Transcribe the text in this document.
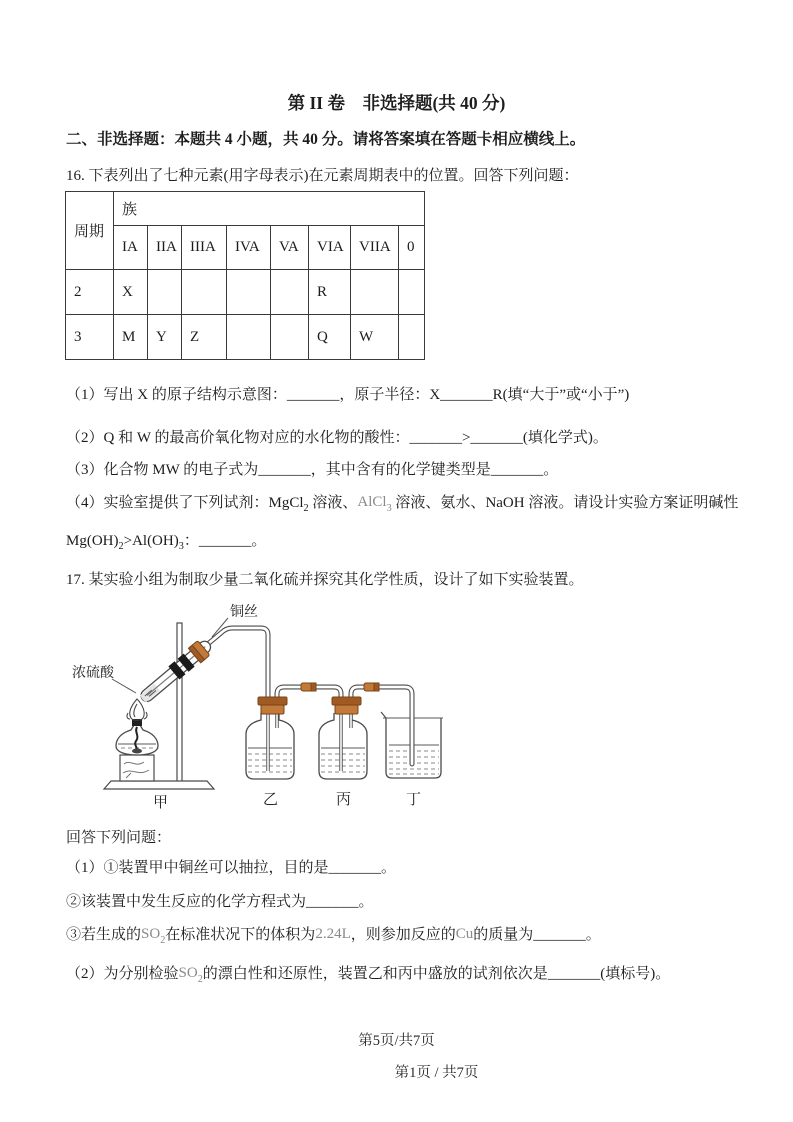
第 II 卷　非选择题(共 40 分)
二、非选择题：本题共 4 小题，共 40 分。请将答案填在答题卡相应横线上。
16. 下表列出了七种元素(用字母表示)在元素周期表中的位置。回答下列问题：
周期	族							
	IA	IIA	IIIA	IVA	VA	VIA	VIIA	0
2	X					R		
3	M	Y	Z			Q	W	
（1）写出 X 的原子结构示意图：_______，原子半径：X_______R(填“大于”或“小于”)
（2）Q 和 W 的最高价氧化物对应的水化物的酸性：_______>_______(填化学式)。
（3）化合物 MW 的电子式为_______，其中含有的化学键类型是_______。
（4）实验室提供了下列试剂：MgCl$_2$ 溶液、AlCl$_3$ 溶液、氨水、NaOH 溶液。请设计实验方案证明碱性
$Mg(OH)_2>Al(OH)_3$：_______。
17. 某实验小组为制取少量二氧化硫并探究其化学性质，设计了如下实验装置。
铜丝
浓硫酸
甲	乙	丙	丁
回答下列问题：
（1）①装置甲中铜丝可以抽拉，目的是_______。
②该装置中发生反应的化学方程式为_______。
③若生成的$SO_2$在标准状况下的体积为2.24L，则参加反应的Cu的质量为_______。
（2）为分别检验$SO_2$的漂白性和还原性，装置乙和丙中盛放的试剂依次是_______(填标号)。
第5页/共7页
第1页 / 共7页
